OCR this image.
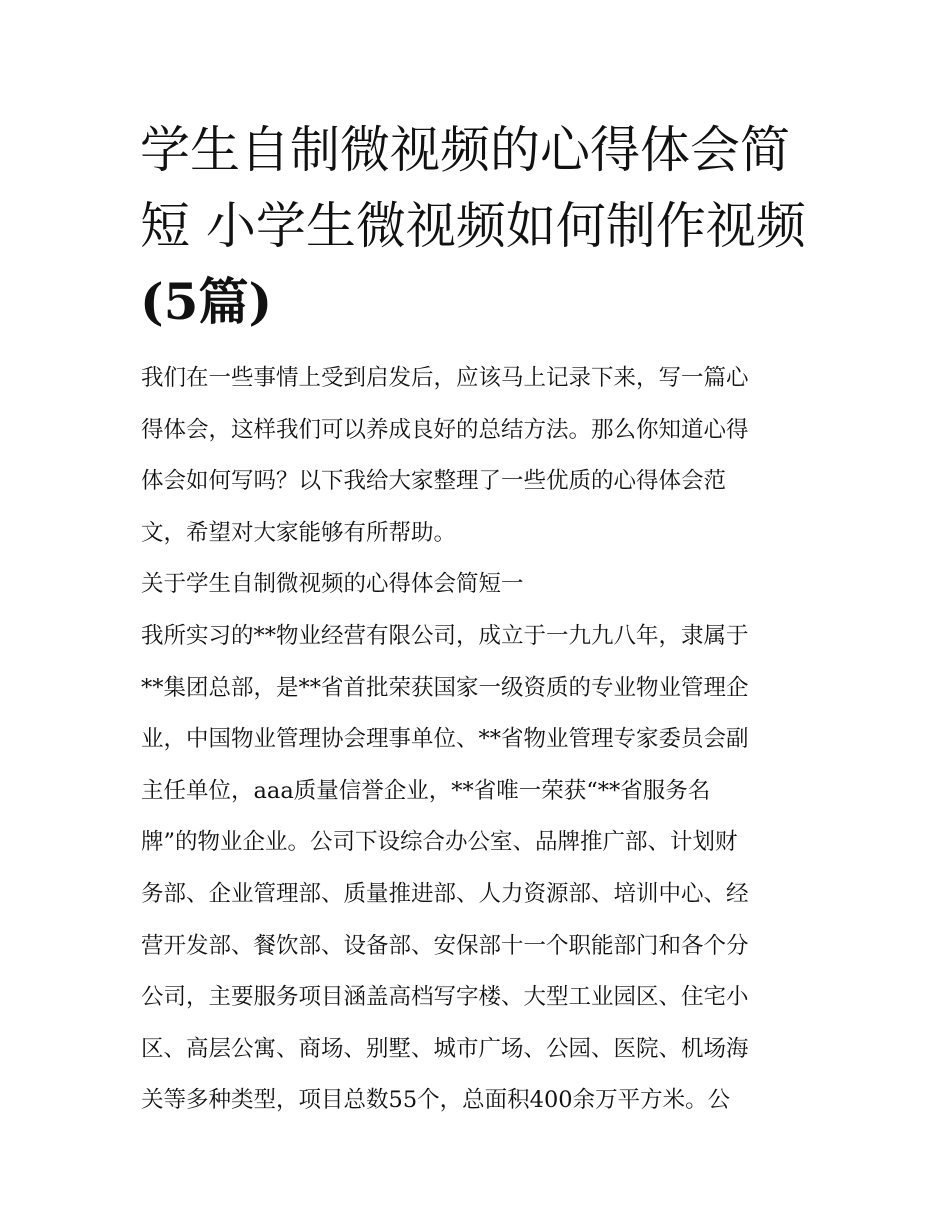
学生自制微视频的心得体会简
短 小学生微视频如何制作视频
(5篇)

我们在一些事情上受到启发后，应该马上记录下来，写一篇心
得体会，这样我们可以养成良好的总结方法。那么你知道心得
体会如何写吗？以下我给大家整理了一些优质的心得体会范
文，希望对大家能够有所帮助。

关于学生自制微视频的心得体会简短一

我所实习的**物业经营有限公司，成立于一九九八年，隶属于
**集团总部，是**省首批荣获国家一级资质的专业物业管理企
业，中国物业管理协会理事单位、**省物业管理专家委员会副
主任单位，aaa质量信誉企业，**省唯一荣获“**省服务名
牌”的物业企业。公司下设综合办公室、品牌推广部、计划财
务部、企业管理部、质量推进部、人力资源部、培训中心、经
营开发部、餐饮部、设备部、安保部十一个职能部门和各个分
公司，主要服务项目涵盖高档写字楼、大型工业园区、住宅小
区、高层公寓、商场、别墅、城市广场、公园、医院、机场海
关等多种类型，项目总数55个，总面积400余万平方米。公
